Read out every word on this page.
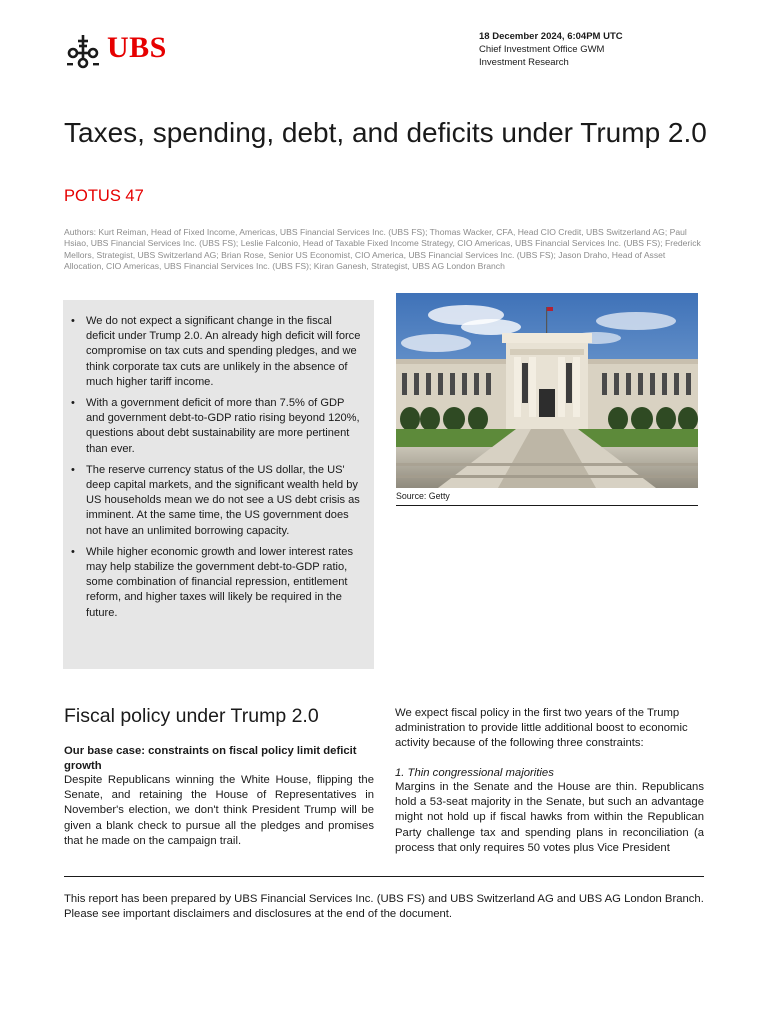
UBS	18 December 2024, 6:04PM UTC
Chief Investment Office GWM
Investment Research
Taxes, spending, debt, and deficits under Trump 2.0
POTUS 47
Authors: Kurt Reiman, Head of Fixed Income, Americas, UBS Financial Services Inc. (UBS FS); Thomas Wacker, CFA, Head CIO Credit, UBS Switzerland AG; Paul Hsiao, UBS Financial Services Inc. (UBS FS); Leslie Falconio, Head of Taxable Fixed Income Strategy, CIO Americas, UBS Financial Services Inc. (UBS FS); Frederick Mellors, Strategist, UBS Switzerland AG; Brian Rose, Senior US Economist, CIO America, UBS Financial Services Inc. (UBS FS); Jason Draho, Head of Asset Allocation, CIO Americas, UBS Financial Services Inc. (UBS FS); Kiran Ganesh, Strategist, UBS AG London Branch
• We do not expect a significant change in the fiscal deficit under Trump 2.0. An already high deficit will force compromise on tax cuts and spending pledges, and we think corporate tax cuts are unlikely in the absence of much higher tariff income.
• With a government deficit of more than 7.5% of GDP and government debt-to-GDP ratio rising beyond 120%, questions about debt sustainability are more pertinent than ever.
• The reserve currency status of the US dollar, the US' deep capital markets, and the significant wealth held by US households mean we do not see a US debt crisis as imminent. At the same time, the US government does not have an unlimited borrowing capacity.
• While higher economic growth and lower interest rates may help stabilize the government debt-to-GDP ratio, some combination of financial repression, entitlement reform, and higher taxes will likely be required in the future.
Source: Getty
Fiscal policy under Trump 2.0
Our base case: constraints on fiscal policy limit deficit growth
Despite Republicans winning the White House, flipping the Senate, and retaining the House of Representatives in November's election, we don't think President Trump will be given a blank check to pursue all the pledges and promises that he made on the campaign trail.
We expect fiscal policy in the first two years of the Trump administration to provide little additional boost to economic activity because of the following three constraints:
1. Thin congressional majorities
Margins in the Senate and the House are thin. Republicans hold a 53-seat majority in the Senate, but such an advantage might not hold up if fiscal hawks from within the Republican Party challenge tax and spending plans in reconciliation (a process that only requires 50 votes plus Vice President
This report has been prepared by UBS Financial Services Inc. (UBS FS) and UBS Switzerland AG and UBS AG London Branch. Please see important disclaimers and disclosures at the end of the document.
